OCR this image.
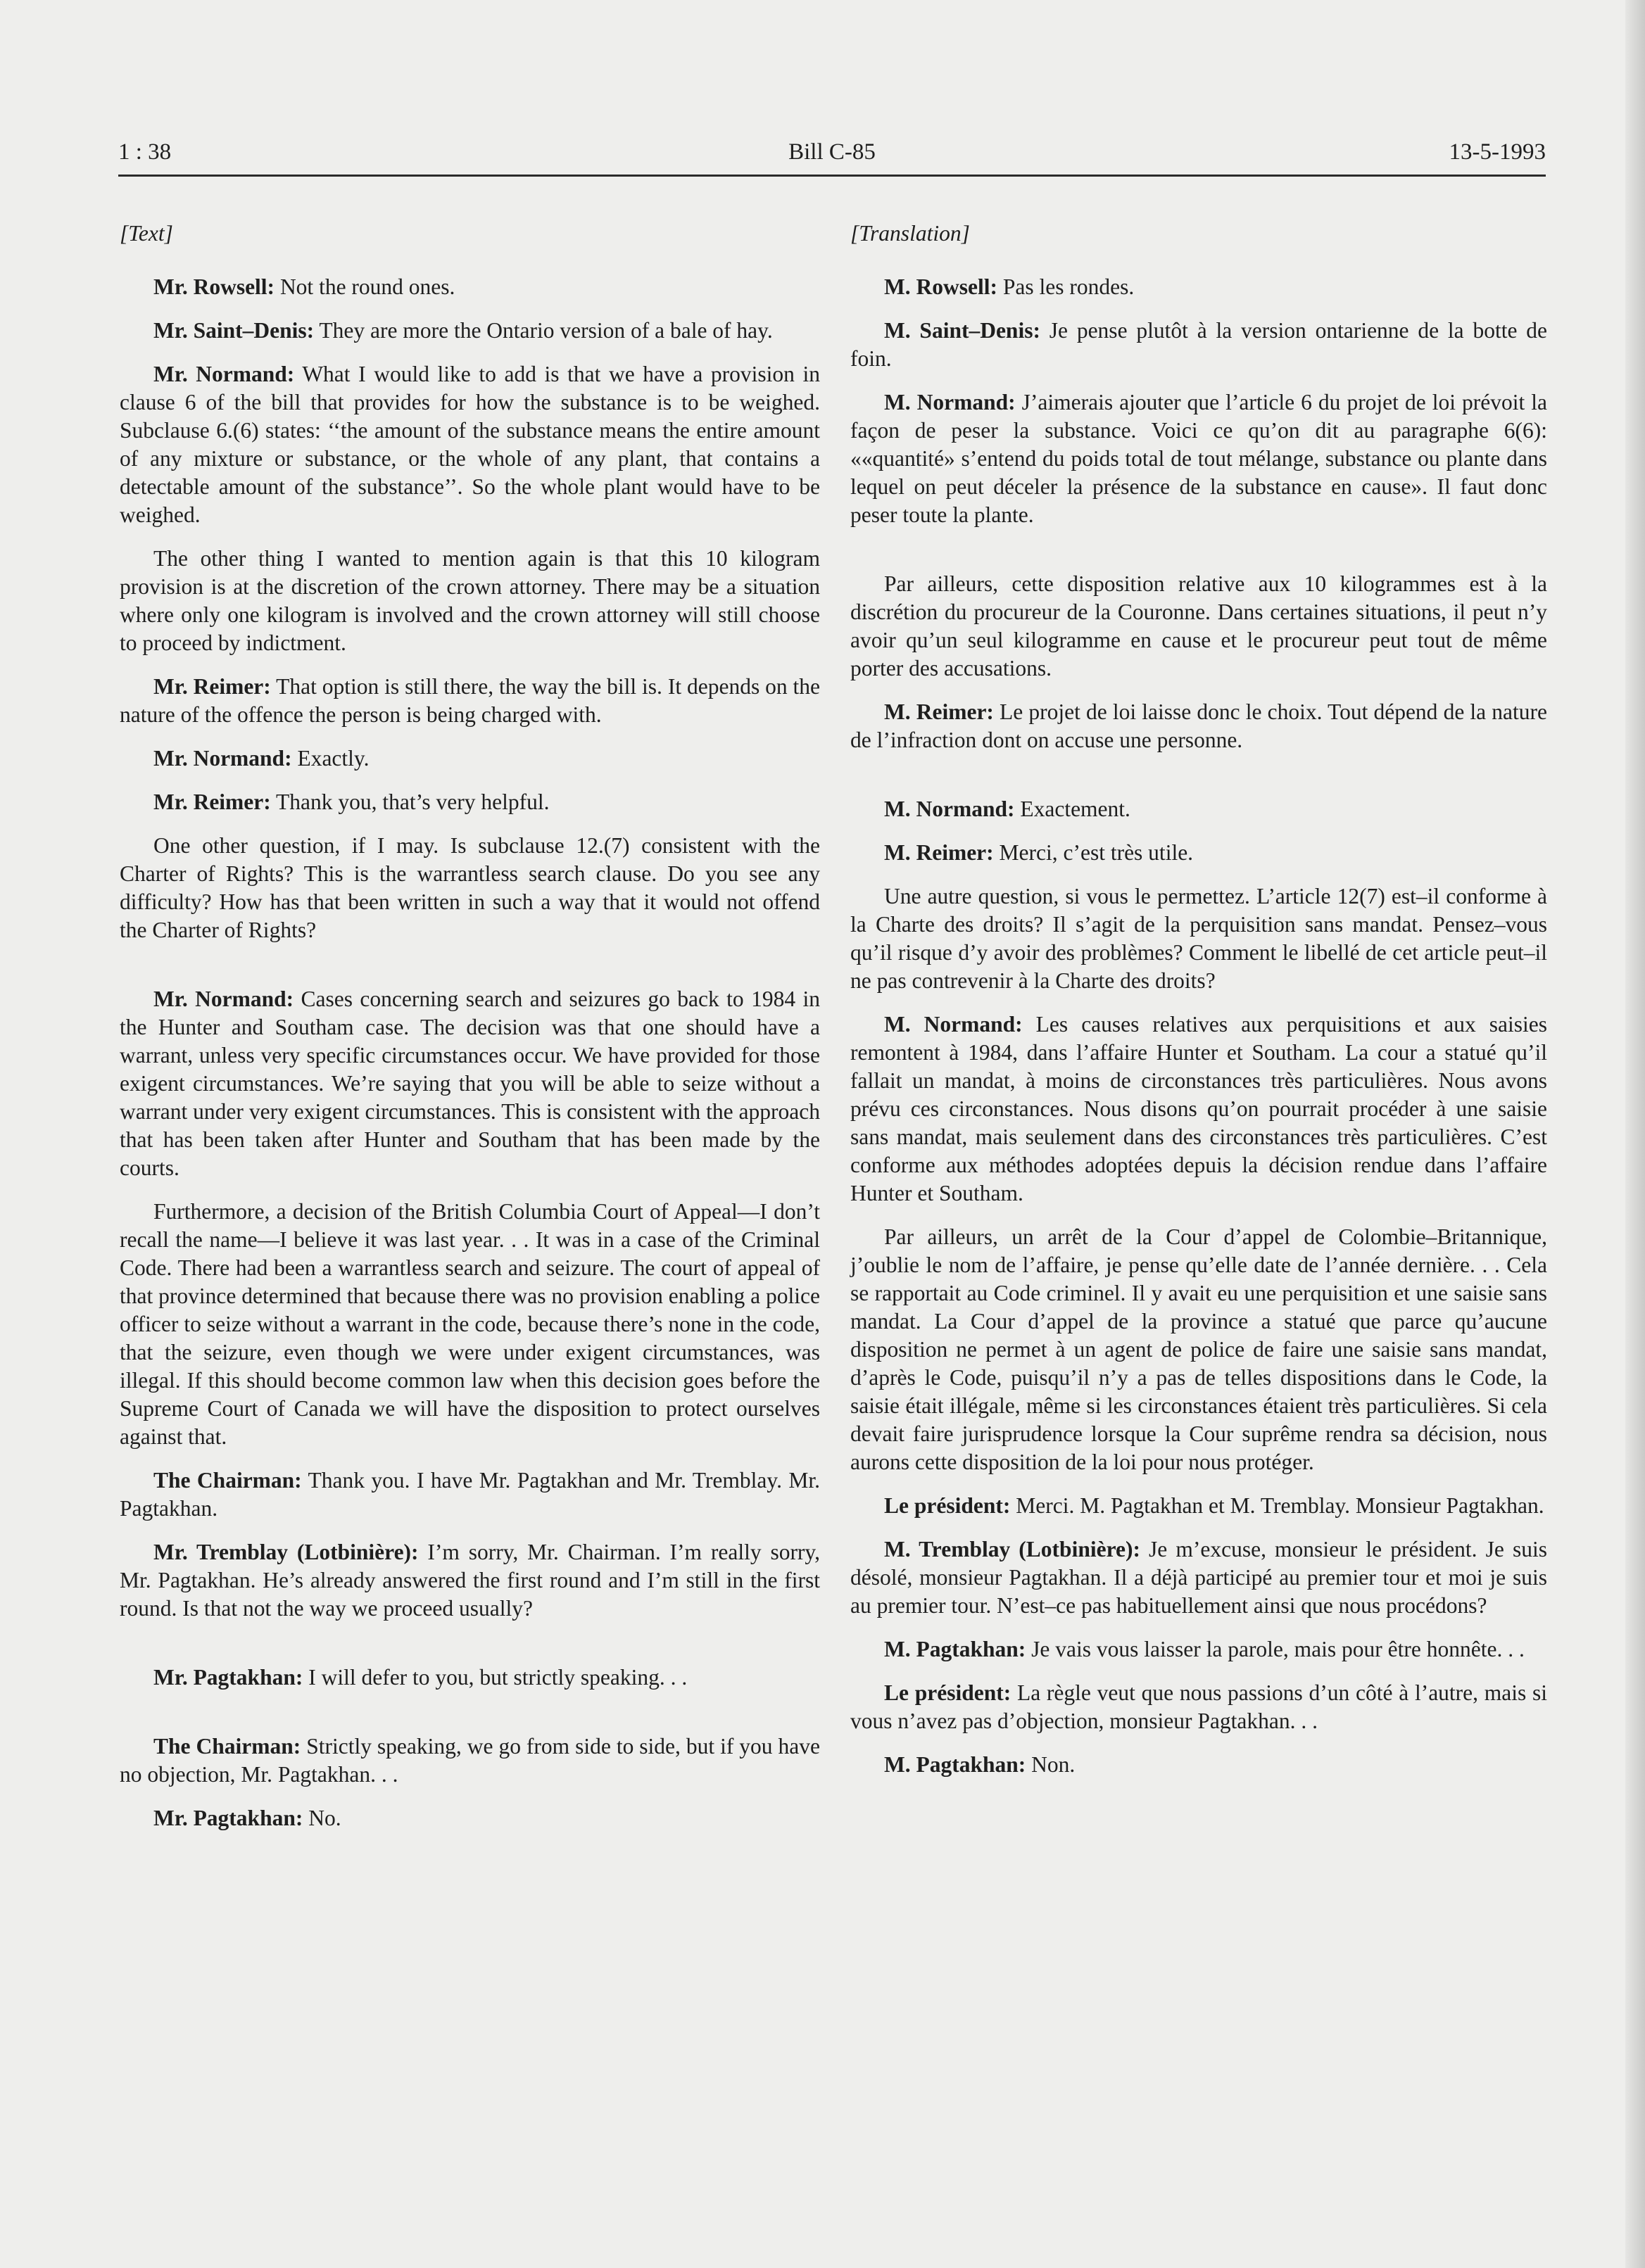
1 : 38	Bill C-85	13-5-1993

[Text]

Mr. Rowsell: Not the round ones.

Mr. Saint–Denis: They are more the Ontario version of a bale of hay.

Mr. Normand: What I would like to add is that we have a provision in clause 6 of the bill that provides for how the substance is to be weighed. Subclause 6.(6) states: ‘‘the amount of the substance means the entire amount of any mixture or substance, or the whole of any plant, that contains a detectable amount of the substance’’. So the whole plant would have to be weighed.

The other thing I wanted to mention again is that this 10 kilogram provision is at the discretion of the crown attorney. There may be a situation where only one kilogram is involved and the crown attorney will still choose to proceed by indictment.

Mr. Reimer: That option is still there, the way the bill is. It depends on the nature of the offence the person is being charged with.

Mr. Normand: Exactly.

Mr. Reimer: Thank you, that’s very helpful.

One other question, if I may. Is subclause 12.(7) consistent with the Charter of Rights? This is the warrantless search clause. Do you see any difficulty? How has that been written in such a way that it would not offend the Charter of Rights?

Mr. Normand: Cases concerning search and seizures go back to 1984 in the Hunter and Southam case. The decision was that one should have a warrant, unless very specific circumstances occur. We have provided for those exigent circumstances. We’re saying that you will be able to seize without a warrant under very exigent circumstances. This is consistent with the approach that has been taken after Hunter and Southam that has been made by the courts.

Furthermore, a decision of the British Columbia Court of Appeal—I don’t recall the name—I believe it was last year. . . It was in a case of the Criminal Code. There had been a warrantless search and seizure. The court of appeal of that province determined that because there was no provision enabling a police officer to seize without a warrant in the code, because there’s none in the code, that the seizure, even though we were under exigent circumstances, was illegal. If this should become common law when this decision goes before the Supreme Court of Canada we will have the disposition to protect ourselves against that.

The Chairman: Thank you. I have Mr. Pagtakhan and Mr. Tremblay. Mr. Pagtakhan.

Mr. Tremblay (Lotbinière): I’m sorry, Mr. Chairman. I’m really sorry, Mr. Pagtakhan. He’s already answered the first round and I’m still in the first round. Is that not the way we proceed usually?

Mr. Pagtakhan: I will defer to you, but strictly speaking. . .

The Chairman: Strictly speaking, we go from side to side, but if you have no objection, Mr. Pagtakhan. . .

Mr. Pagtakhan: No.

[Translation]

M. Rowsell: Pas les rondes.

M. Saint–Denis: Je pense plutôt à la version ontarienne de la botte de foin.

M. Normand: J’aimerais ajouter que l’article 6 du projet de loi prévoit la façon de peser la substance. Voici ce qu’on dit au paragraphe 6(6): ««quantité» s’entend du poids total de tout mélange, substance ou plante dans lequel on peut déceler la présence de la substance en cause». Il faut donc peser toute la plante.

Par ailleurs, cette disposition relative aux 10 kilogrammes est à la discrétion du procureur de la Couronne. Dans certaines situations, il peut n’y avoir qu’un seul kilogramme en cause et le procureur peut tout de même porter des accusations.

M. Reimer: Le projet de loi laisse donc le choix. Tout dépend de la nature de l’infraction dont on accuse une personne.

M. Normand: Exactement.

M. Reimer: Merci, c’est très utile.

Une autre question, si vous le permettez. L’article 12(7) est–il conforme à la Charte des droits? Il s’agit de la perquisition sans mandat. Pensez–vous qu’il risque d’y avoir des problèmes? Comment le libellé de cet article peut–il ne pas contrevenir à la Charte des droits?

M. Normand: Les causes relatives aux perquisitions et aux saisies remontent à 1984, dans l’affaire Hunter et Southam. La cour a statué qu’il fallait un mandat, à moins de circonstances très particulières. Nous avons prévu ces circonstances. Nous disons qu’on pourrait procéder à une saisie sans mandat, mais seulement dans des circonstances très particulières. C’est conforme aux méthodes adoptées depuis la décision rendue dans l’affaire Hunter et Southam.

Par ailleurs, un arrêt de la Cour d’appel de Colombie–Britannique, j’oublie le nom de l’affaire, je pense qu’elle date de l’année dernière. . . Cela se rapportait au Code criminel. Il y avait eu une perquisition et une saisie sans mandat. La Cour d’appel de la province a statué que parce qu’aucune disposition ne permet à un agent de police de faire une saisie sans mandat, d’après le Code, puisqu’il n’y a pas de telles dispositions dans le Code, la saisie était illégale, même si les circonstances étaient très particulières. Si cela devait faire jurisprudence lorsque la Cour suprême rendra sa décision, nous aurons cette disposition de la loi pour nous protéger.

Le président: Merci. M. Pagtakhan et M. Tremblay. Monsieur Pagtakhan.

M. Tremblay (Lotbinière): Je m’excuse, monsieur le président. Je suis désolé, monsieur Pagtakhan. Il a déjà participé au premier tour et moi je suis au premier tour. N’est–ce pas habituellement ainsi que nous procédons?

M. Pagtakhan: Je vais vous laisser la parole, mais pour être honnête. . .

Le président: La règle veut que nous passions d’un côté à l’autre, mais si vous n’avez pas d’objection, monsieur Pagtakhan. . .

M. Pagtakhan: Non.
